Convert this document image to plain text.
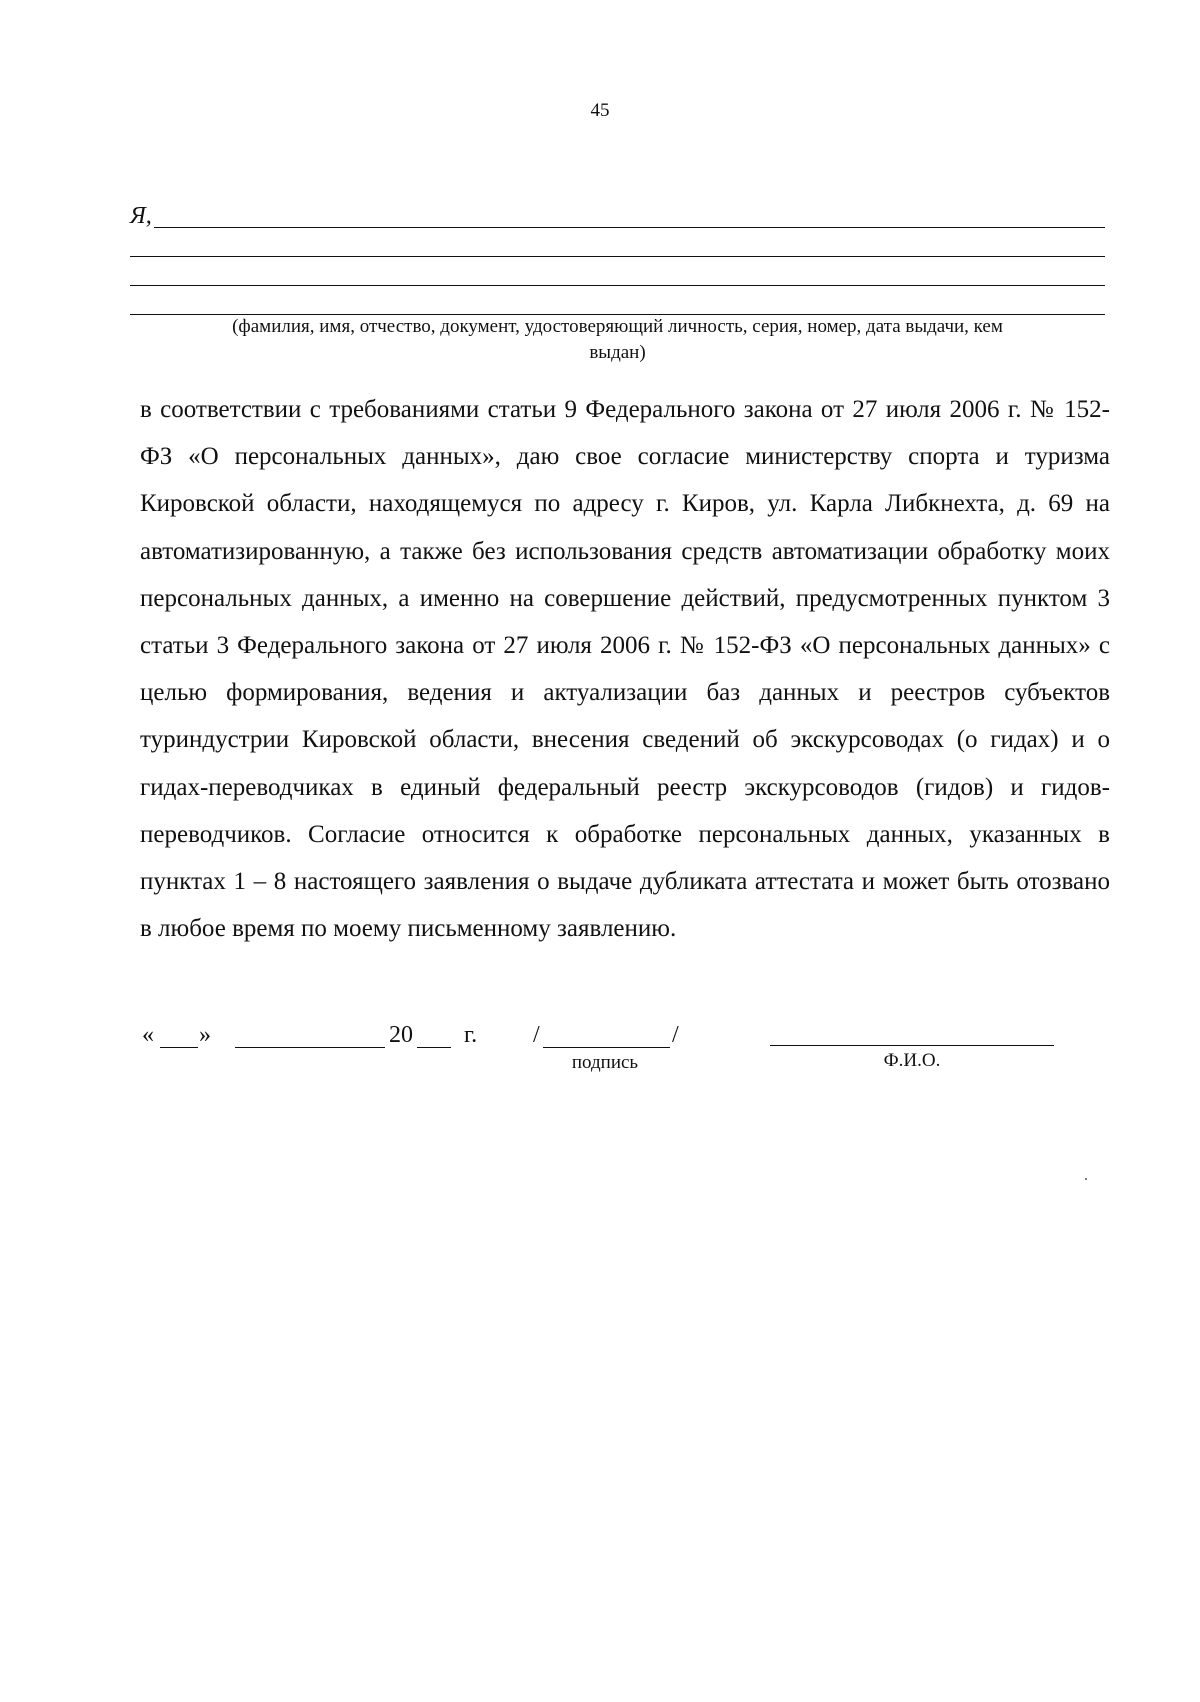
45
Я,
(фамилия, имя, отчество, документ, удостоверяющий личность, серия, номер, дата выдачи, кем
выдан)
в соответствии с требованиями статьи 9 Федерального закона от 27 июля 2006 г. № 152-ФЗ «О персональных данных», даю свое согласие министерству спорта и туризма Кировской области, находящемуся по адресу г. Киров, ул. Карла Либкнехта, д. 69 на автоматизированную, а также без использования средств автоматизации обработку моих персональных данных, а именно на совершение действий, предусмотренных пунктом 3 статьи 3 Федерального закона от 27 июля 2006 г. № 152-ФЗ «О персональных данных» с целью формирования, ведения и актуализации баз данных и реестров субъектов туриндустрии Кировской области, внесения сведений об экскурсоводах (о гидах) и о гидах-переводчиках в единый федеральный реестр экскурсоводов (гидов) и гидов-переводчиков. Согласие относится к обработке персональных данных, указанных в пунктах 1 – 8 настоящего заявления о выдаче дубликата аттестата и может быть отозвано в любое время по моему письменному заявлению.
« »	20 г. /	/
подпись	Ф.И.О.
